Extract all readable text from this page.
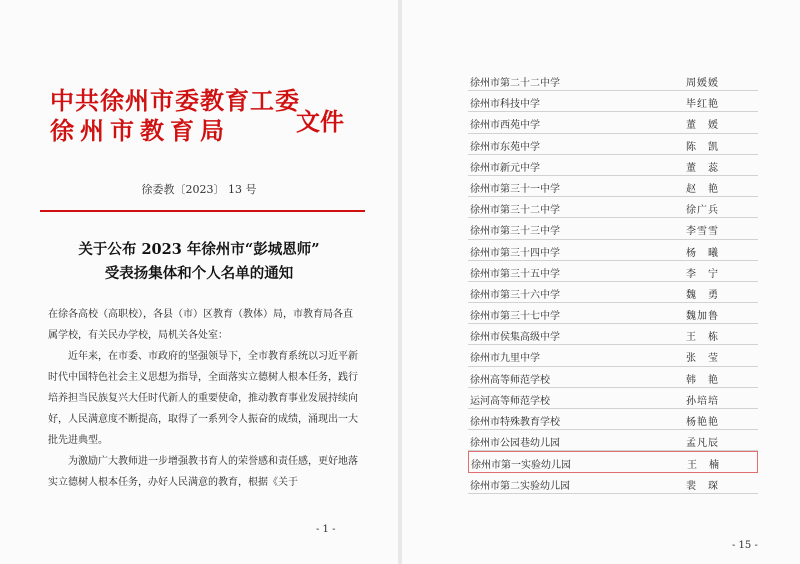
中共徐州市委教育工委
徐州市教育局	文件
徐委教〔2023〕 13 号
关于公布 2023 年徐州市“彭城恩师”
受表扬集体和个人名单的通知

在徐各高校（高职校），各县（市）区教育（教体）局，市教育局各直属学校，有关民办学校，局机关各处室：

近年来，在市委、市政府的坚强领导下，全市教育系统以习近平新时代中国特色社会主义思想为指导，全面落实立德树人根本任务，践行培养担当民族复兴大任时代新人的重要使命，推动教育事业发展持续向好，人民满意度不断提高，取得了一系列令人振奋的成绩，涌现出一大批先进典型。

为激励广大教师进一步增强教书育人的荣誉感和责任感，更好地落实立德树人根本任务，办好人民满意的教育，根据《关于

- 1 -
徐州市第二十二中学	周媛媛
徐州市科技中学	毕红艳
徐州市西苑中学	董　媛
徐州市东苑中学	陈　凯
徐州市新元中学	董　蕊
徐州市第三十一中学	赵　艳
徐州市第三十二中学	徐广兵
徐州市第三十三中学	李雪雪
徐州市第三十四中学	杨　曦
徐州市第三十五中学	李　宁
徐州市第三十六中学	魏　勇
徐州市第三十七中学	魏加鲁
徐州市侯集高级中学	王　栋
徐州市九里中学	张　莹
徐州高等师范学校	韩　艳
运河高等师范学校	孙培培
徐州市特殊教育学校	杨艳艳
徐州市公园巷幼儿园	孟凡辰
徐州市第一实验幼儿园	王　楠
徐州市第二实验幼儿园	裴　琛
- 15 -
